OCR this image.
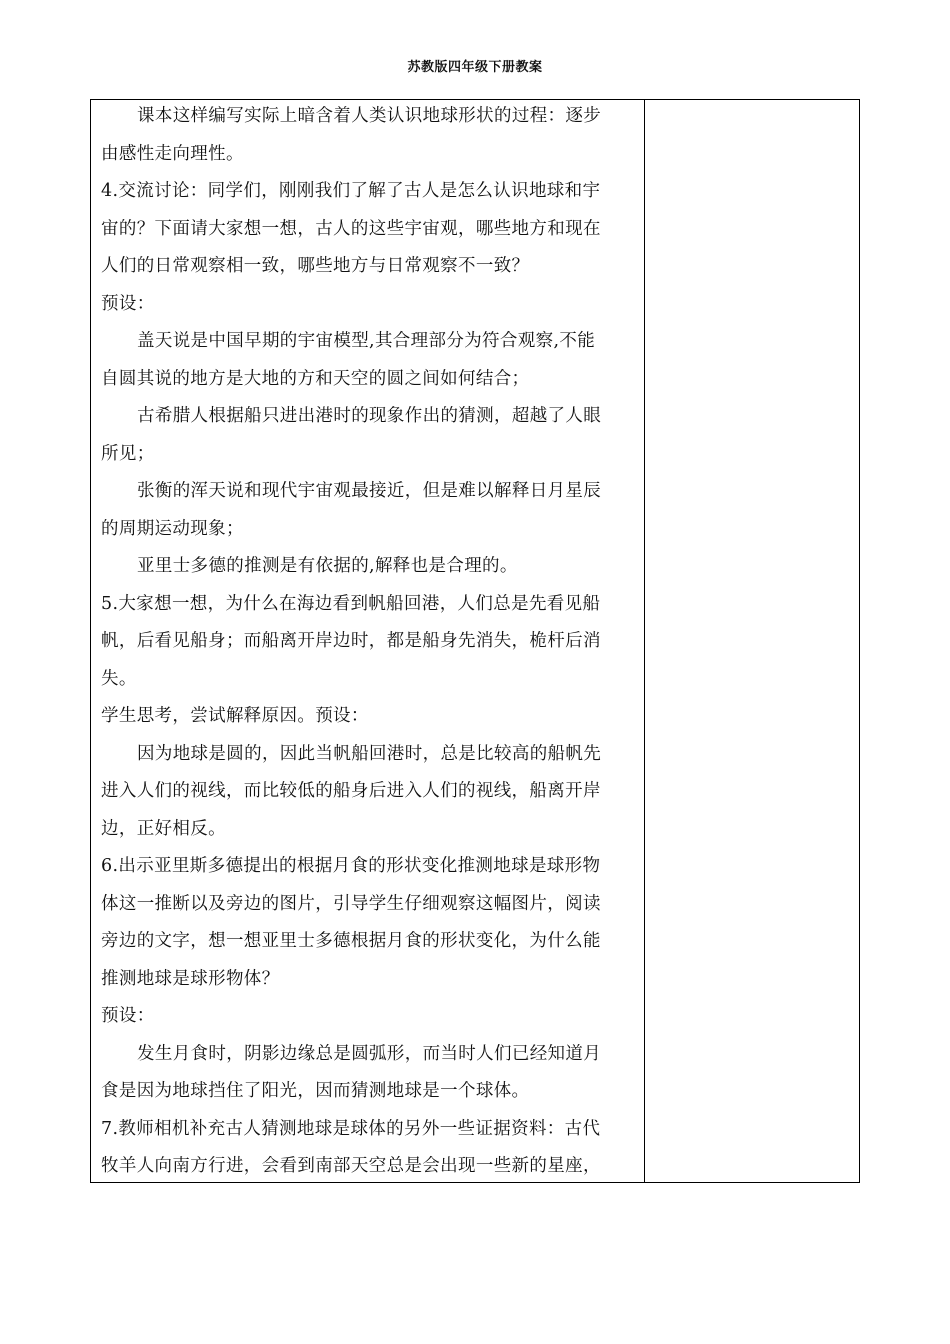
苏教版四年级下册教案

课本这样编写实际上暗含着人类认识地球形状的过程：逐步

由感性走向理性。

4.交流讨论：同学们，刚刚我们了解了古人是怎么认识地球和宇

宙的？下面请大家想一想，古人的这些宇宙观，哪些地方和现在

人们的日常观察相一致，哪些地方与日常观察不一致？

预设：

盖天说是中国早期的宇宙模型,其合理部分为符合观察,不能

自圆其说的地方是大地的方和天空的圆之间如何结合；

古希腊人根据船只进出港时的现象作出的猜测，超越了人眼

所见；

张衡的浑天说和现代宇宙观最接近，但是难以解释日月星辰

的周期运动现象；

亚里士多德的推测是有依据的,解释也是合理的。

5.大家想一想，为什么在海边看到帆船回港，人们总是先看见船

帆，后看见船身；而船离开岸边时，都是船身先消失，桅杆后消

失。

学生思考，尝试解释原因。预设：

因为地球是圆的，因此当帆船回港时，总是比较高的船帆先

进入人们的视线，而比较低的船身后进入人们的视线，船离开岸

边，正好相反。

6.出示亚里斯多德提出的根据月食的形状变化推测地球是球形物

体这一推断以及旁边的图片，引导学生仔细观察这幅图片，阅读

旁边的文字，想一想亚里士多德根据月食的形状变化，为什么能

推测地球是球形物体？

预设：

发生月食时，阴影边缘总是圆弧形，而当时人们已经知道月

食是因为地球挡住了阳光，因而猜测地球是一个球体。

7.教师相机补充古人猜测地球是球体的另外一些证据资料：古代

牧羊人向南方行进，会看到南部天空总是会出现一些新的星座，
